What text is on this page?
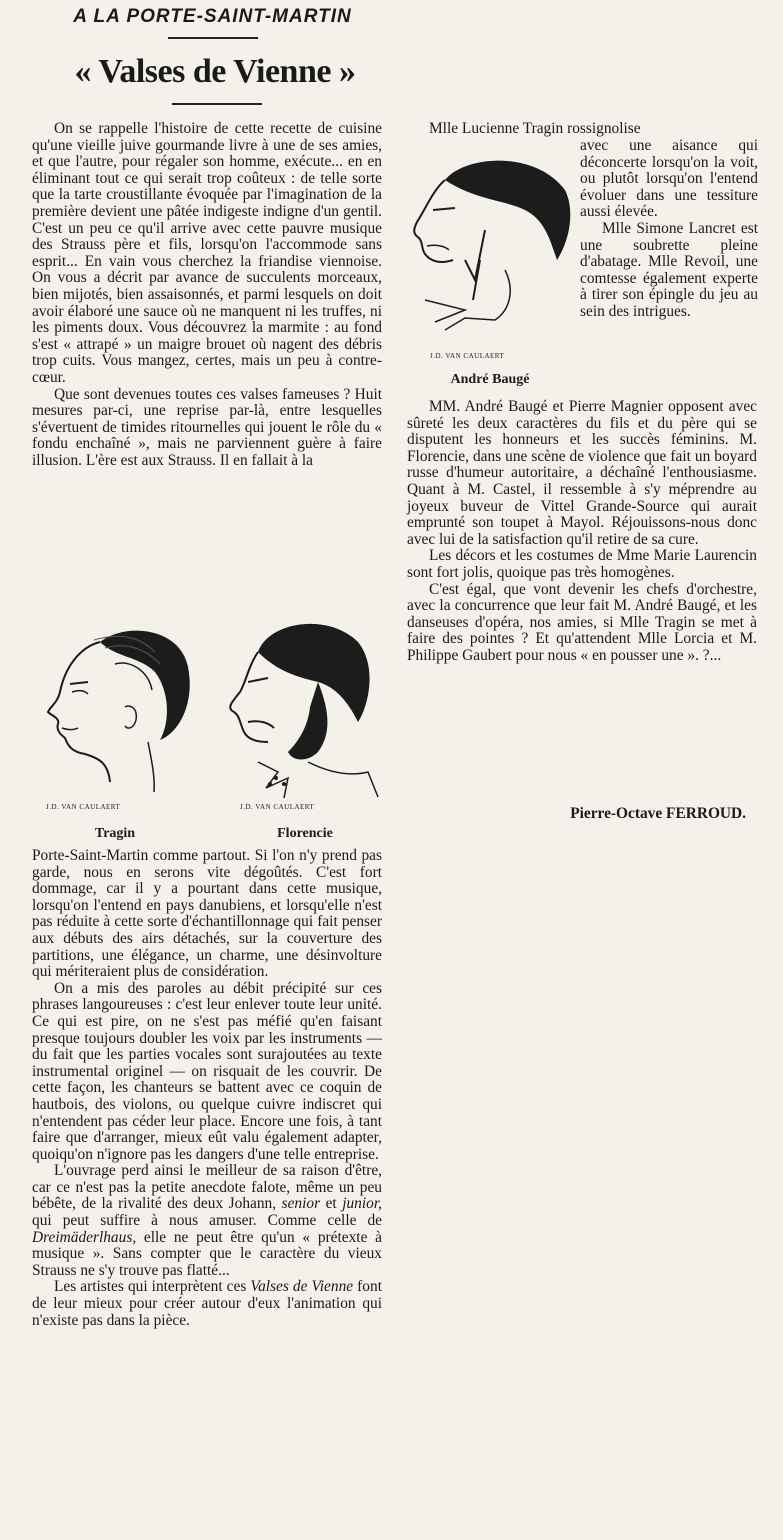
A LA PORTE-SAINT-MARTIN
« Valses de Vienne »

On se rappelle l'histoire de cette recette de cuisine qu'une vieille juive gourmande livre à une de ses amies, et que l'autre, pour régaler son homme, exécute... en en éliminant tout ce qui serait trop coûteux : de telle sorte que la tarte croustillante évoquée par l'imagination de la première devient une pâtée indigeste indigne d'un gentil. C'est un peu ce qu'il arrive avec cette pauvre musique des Strauss père et fils, lorsqu'on l'accommode sans esprit... En vain vous cherchez la friandise viennoise. On vous a décrit par avance de succulents morceaux, bien mijotés, bien assaisonnés, et parmi lesquels on doit avoir élaboré une sauce où ne manquent ni les truffes, ni les piments doux. Vous découvrez la marmite : au fond s'est « attrapé » un maigre brouet où nagent des débris trop cuits. Vous mangez, certes, mais un peu à contre-cœur.

Que sont devenues toutes ces valses fameuses ? Huit mesures par-ci, une reprise par-là, entre lesquelles s'évertuent de timides ritournelles qui jouent le rôle du « fondu enchaîné », mais ne parviennent guère à faire illusion. L'ère est aux Strauss. Il en fallait à la

J.D. VAN CAULAERT
Tragin
J.D. VAN CAULAERT
Florencie

Porte-Saint-Martin comme partout. Si l'on n'y prend pas garde, nous en serons vite dégoûtés. C'est fort dommage, car il y a pourtant dans cette musique, lorsqu'on l'entend en pays danubiens, et lorsqu'elle n'est pas réduite à cette sorte d'échantillonnage qui fait penser aux débuts des airs détachés, sur la couverture des partitions, une élégance, un charme, une désinvolture qui mériteraient plus de considération.

On a mis des paroles au débit précipité sur ces phrases langoureuses : c'est leur enlever toute leur unité. Ce qui est pire, on ne s'est pas méfié qu'en faisant presque toujours doubler les voix par les instruments — du fait que les parties vocales sont surajoutées au texte instrumental originel — on risquait de les couvrir. De cette façon, les chanteurs se battent avec ce coquin de hautbois, des violons, ou quelque cuivre indiscret qui n'entendent pas céder leur place. Encore une fois, à tant faire que d'arranger, mieux eût valu également adapter, quoiqu'on n'ignore pas les dangers d'une telle entreprise.

L'ouvrage perd ainsi le meilleur de sa raison d'être, car ce n'est pas la petite anecdote falote, même un peu bébête, de la rivalité des deux Johann, senior et junior, qui peut suffire à nous amuser. Comme celle de Dreimäderlhaus, elle ne peut être qu'un « prétexte à musique ». Sans compter que le caractère du vieux Strauss ne s'y trouve pas flatté...

Les artistes qui interprètent ces Valses de Vienne font de leur mieux pour créer autour d'eux l'animation qui n'existe pas dans la pièce.

Mlle Lucienne Tragin rossignolise

J.D. VAN CAULAERT
André Baugé

avec une aisance qui déconcerte lorsqu'on la voit, ou plutôt lorsqu'on l'entend évoluer dans une tessiture aussi élevée.

Mlle Simone Lancret est une soubrette pleine d'abatage. Mlle Revoil, une comtesse également experte à tirer son épingle du jeu au sein des intrigues.

MM. André Baugé et Pierre Magnier opposent avec sûreté les deux caractères du fils et du père qui se disputent les honneurs et les succès féminins. M. Florencie, dans une scène de violence que fait un boyard russe d'humeur autoritaire, a déchaîné l'enthousiasme. Quant à M. Castel, il ressemble à s'y méprendre au joyeux buveur de Vittel Grande-Source qui aurait emprunté son toupet à Mayol. Réjouissons-nous donc avec lui de la satisfaction qu'il retire de sa cure.

Les décors et les costumes de Mme Marie Laurencin sont fort jolis, quoique pas très homogènes.

C'est égal, que vont devenir les chefs d'orchestre, avec la concurrence que leur fait M. André Baugé, et les danseuses d'opéra, nos amies, si Mlle Tragin se met à faire des pointes ? Et qu'attendent Mlle Lorcia et M. Philippe Gaubert pour nous « en pousser une ». ?...

Pierre-Octave FERROUD.
